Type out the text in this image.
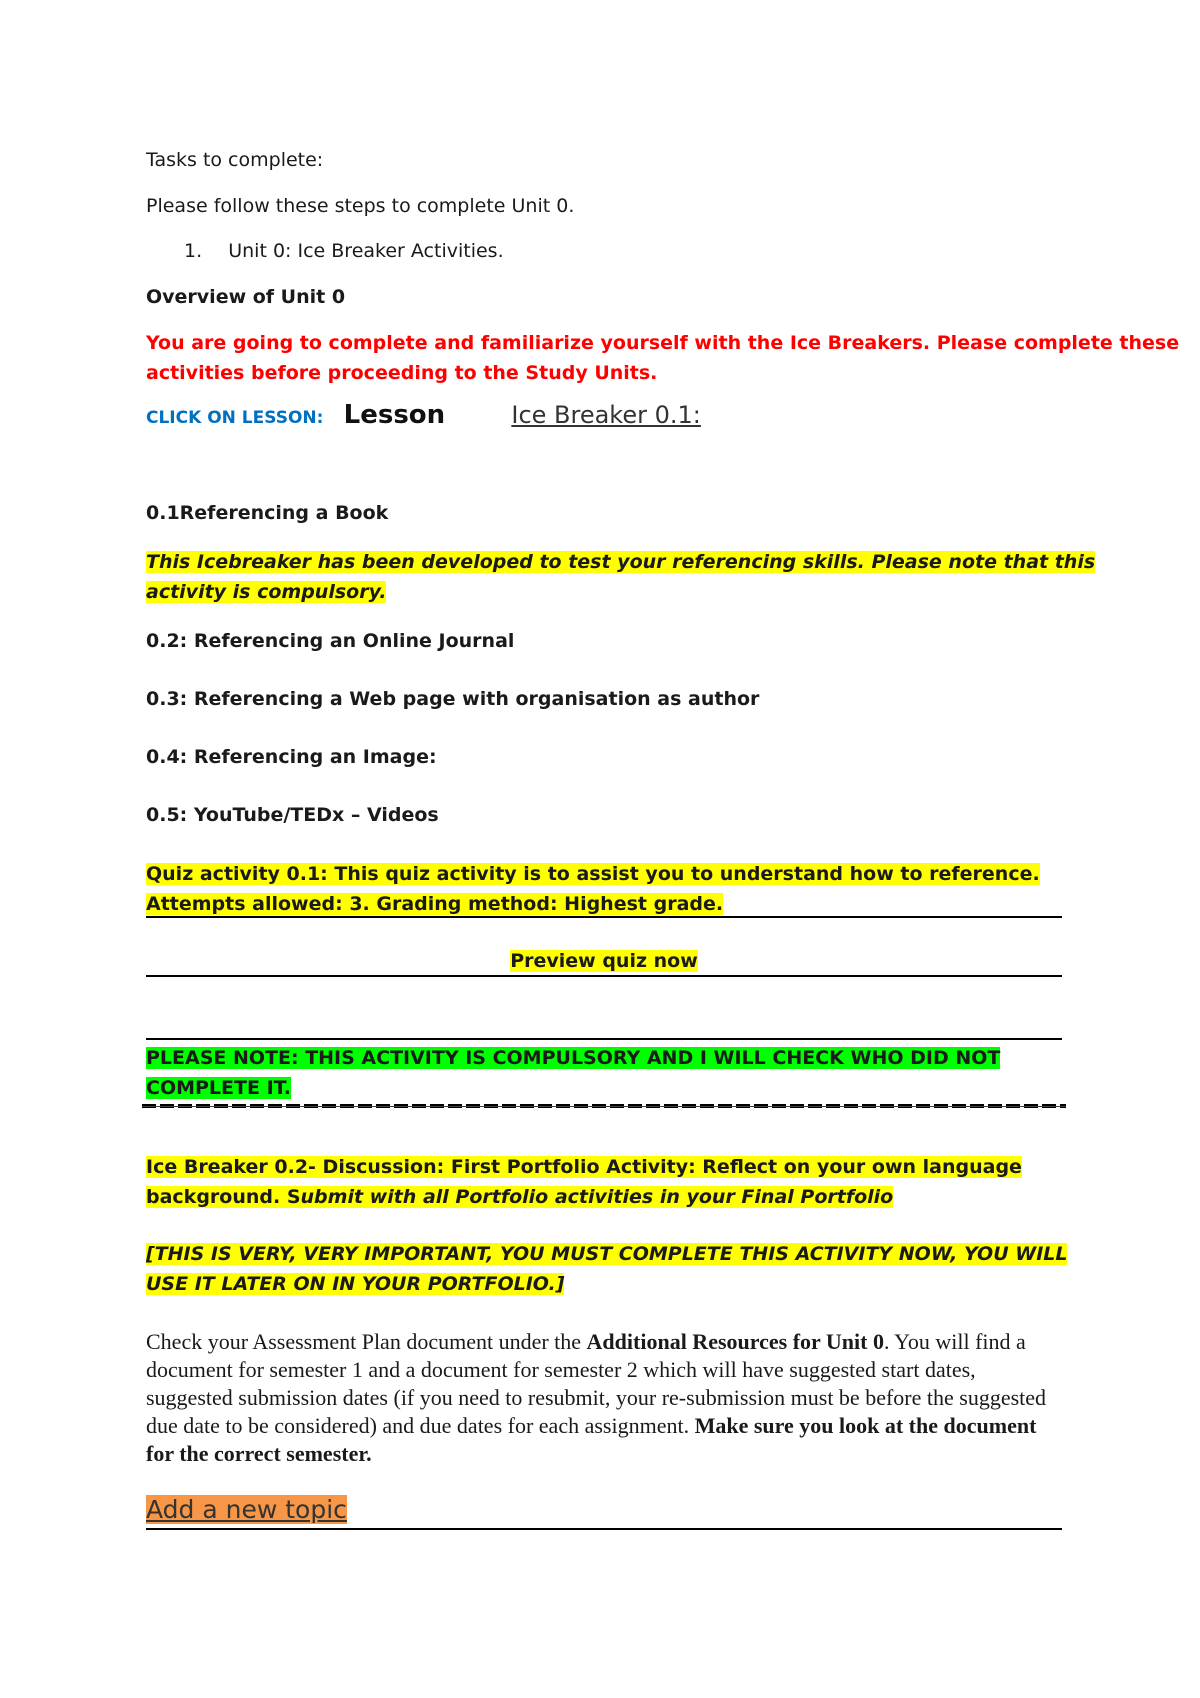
Tasks to complete:
Please follow these steps to complete Unit 0.
1. Unit 0: Ice Breaker Activities.
Overview of Unit 0
You are going to complete and familiarize yourself with the Ice Breakers. Please complete these
activities before proceeding to the Study Units.
CLICK ON LESSON: Lesson	Ice Breaker 0.1:
0.1Referencing a Book
This Icebreaker has been developed to test your referencing skills. Please note that this
activity is compulsory.
0.2: Referencing an Online Journal
0.3: Referencing a Web page with organisation as author
0.4: Referencing an Image:
0.5: YouTube/TEDx – Videos
Quiz activity 0.1: This quiz activity is to assist you to understand how to reference.
Attempts allowed: 3. Grading method: Highest grade.
Preview quiz now
PLEASE NOTE: THIS ACTIVITY IS COMPULSORY AND I WILL CHECK WHO DID NOT
COMPLETE IT.
Ice Breaker 0.2- Discussion: First Portfolio Activity: Reflect on your own language
background. Submit with all Portfolio activities in your Final Portfolio
[THIS IS VERY, VERY IMPORTANT, YOU MUST COMPLETE THIS ACTIVITY NOW, YOU WILL
USE IT LATER ON IN YOUR PORTFOLIO.]
Check your Assessment Plan document under the Additional Resources for Unit 0. You will find a document for semester 1 and a document for semester 2 which will have suggested start dates, suggested submission dates (if you need to resubmit, your re-submission must be before the suggested due date to be considered) and due dates for each assignment. Make sure you look at the document for the correct semester.
Add a new topic
